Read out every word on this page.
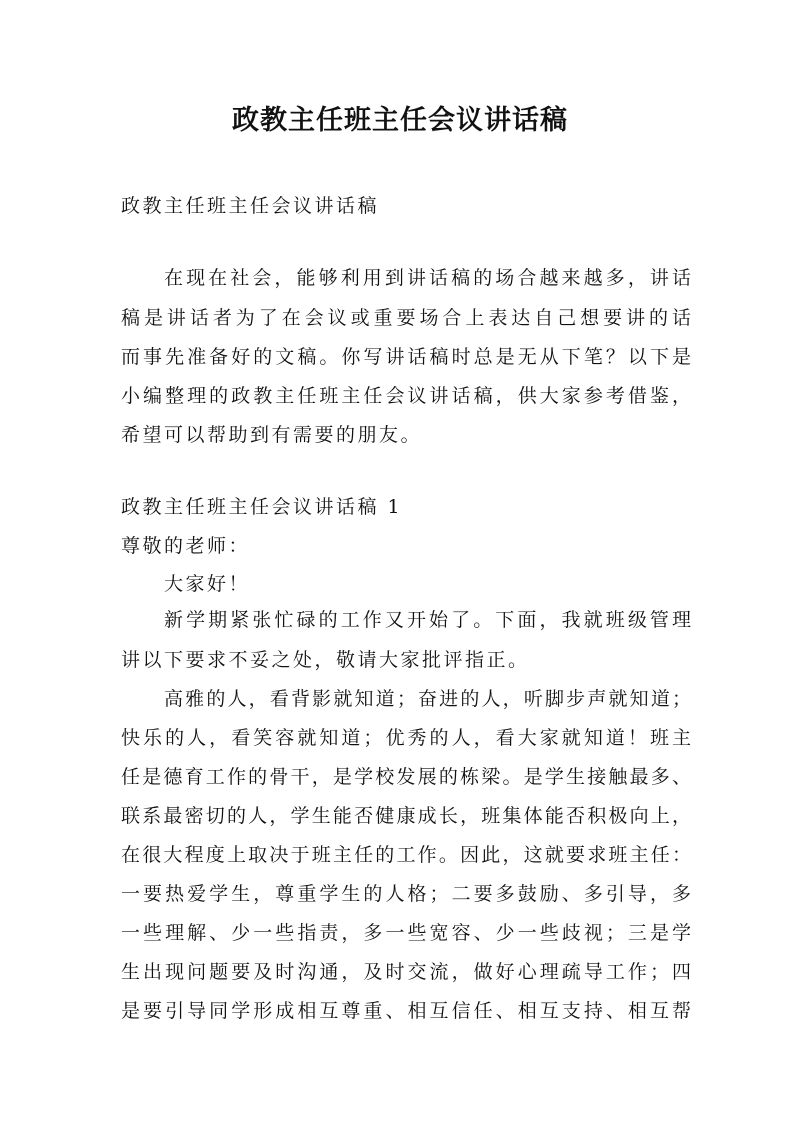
政教主任班主任会议讲话稿
政教主任班主任会议讲话稿
在现在社会，能够利用到讲话稿的场合越来越多，讲话
稿是讲话者为了在会议或重要场合上表达自己想要讲的话
而事先准备好的文稿。你写讲话稿时总是无从下笔？以下是
小编整理的政教主任班主任会议讲话稿，供大家参考借鉴，
希望可以帮助到有需要的朋友。
政教主任班主任会议讲话稿 1
尊敬的老师：
大家好！
新学期紧张忙碌的工作又开始了。下面，我就班级管理
讲以下要求不妥之处，敬请大家批评指正。
高雅的人，看背影就知道；奋进的人，听脚步声就知道；
快乐的人，看笑容就知道；优秀的人，看大家就知道！班主
任是德育工作的骨干，是学校发展的栋梁。是学生接触最多、
联系最密切的人，学生能否健康成长，班集体能否积极向上，
在很大程度上取决于班主任的工作。因此，这就要求班主任：
一要热爱学生，尊重学生的人格；二要多鼓励、多引导，多
一些理解、少一些指责，多一些宽容、少一些歧视；三是学
生出现问题要及时沟通，及时交流，做好心理疏导工作；四
是要引导同学形成相互尊重、相互信任、相互支持、相互帮
